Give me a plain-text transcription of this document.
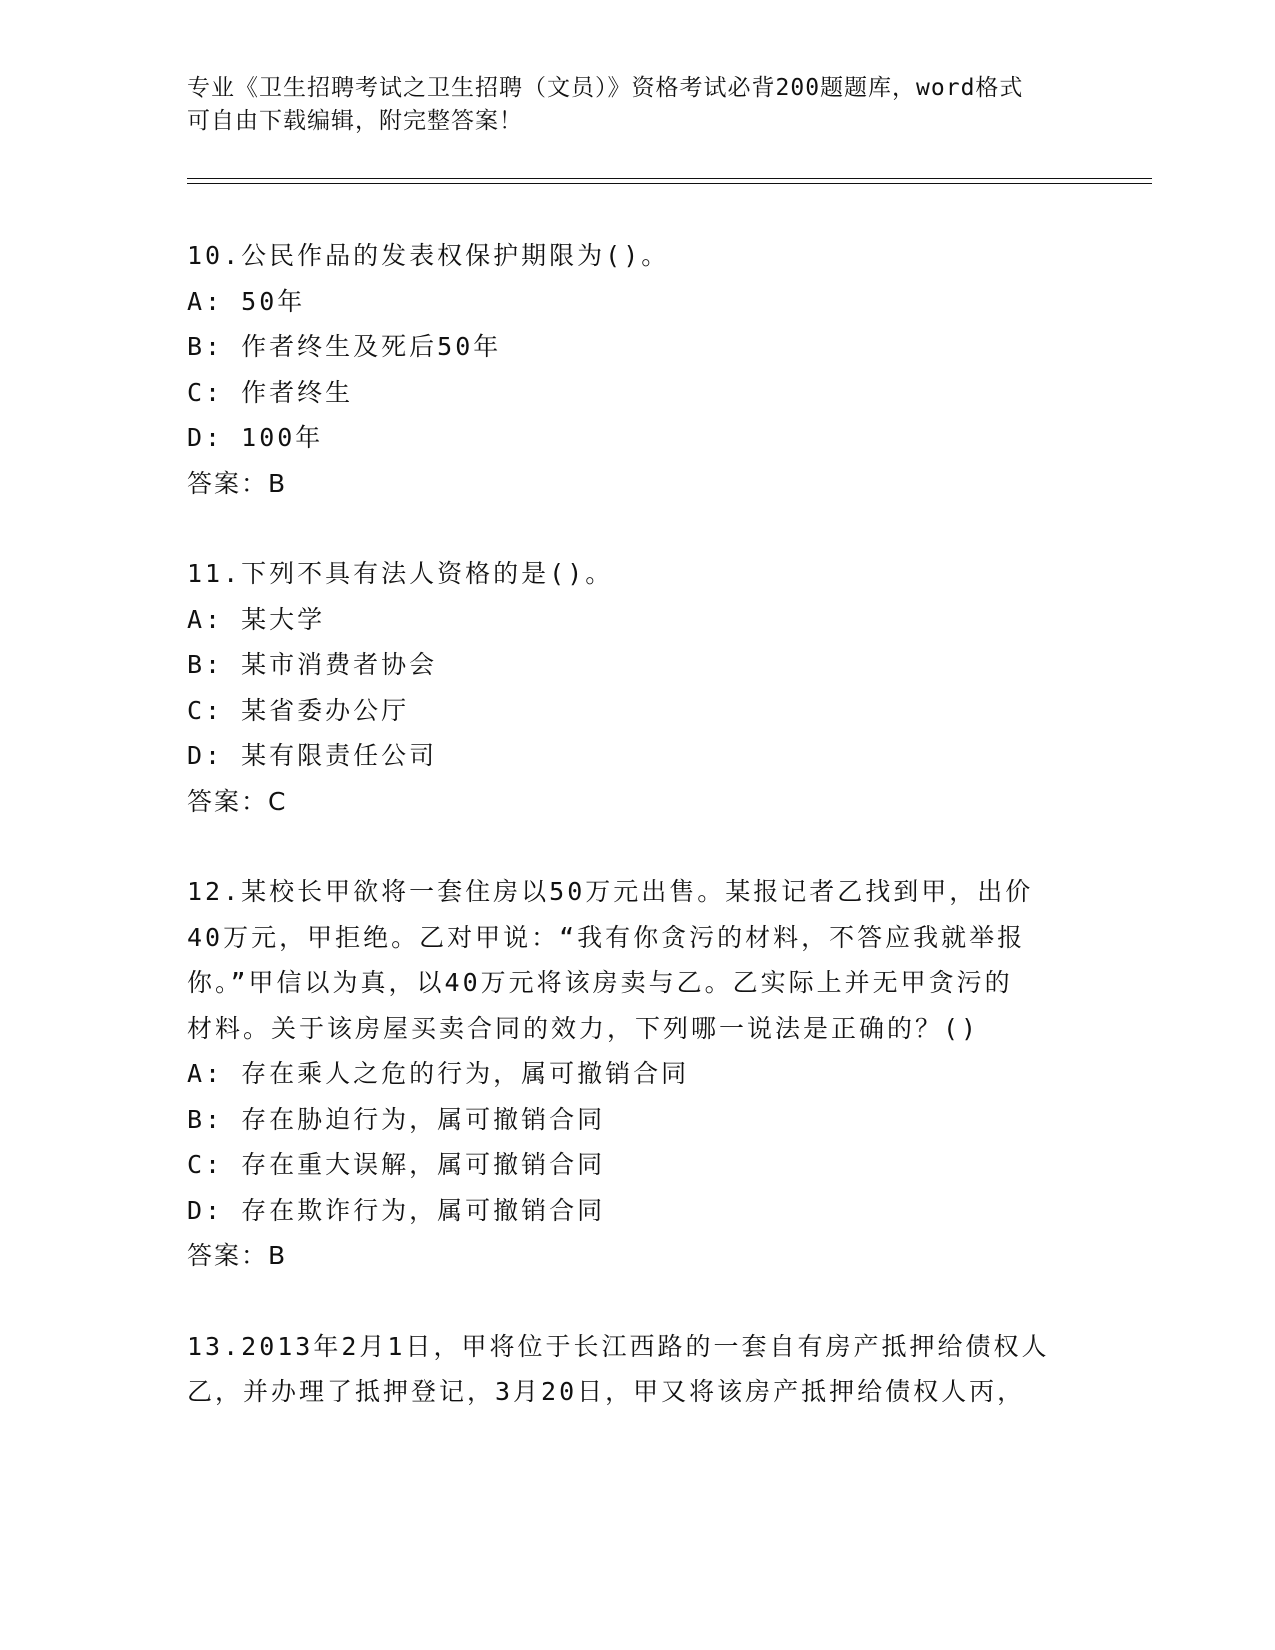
专业《卫生招聘考试之卫生招聘（文员）》资格考试必背200题题库，word格式
可自由下载编辑，附完整答案！
10.公民作品的发表权保护期限为()。
A: 50年
B: 作者终生及死后50年
C: 作者终生
D: 100年
答案：B
11.下列不具有法人资格的是()。
A: 某大学
B: 某市消费者协会
C: 某省委办公厅
D: 某有限责任公司
答案：C
12.某校长甲欲将一套住房以50万元出售。某报记者乙找到甲，出价
40万元，甲拒绝。乙对甲说：“我有你贪污的材料，不答应我就举报
你。”甲信以为真，以40万元将该房卖与乙。乙实际上并无甲贪污的
材料。关于该房屋买卖合同的效力，下列哪一说法是正确的？()
A: 存在乘人之危的行为，属可撤销合同
B: 存在胁迫行为，属可撤销合同
C: 存在重大误解，属可撤销合同
D: 存在欺诈行为，属可撤销合同
答案：B
13.2013年2月1日，甲将位于长江西路的一套自有房产抵押给债权人
乙，并办理了抵押登记，3月20日，甲又将该房产抵押给债权人丙，
